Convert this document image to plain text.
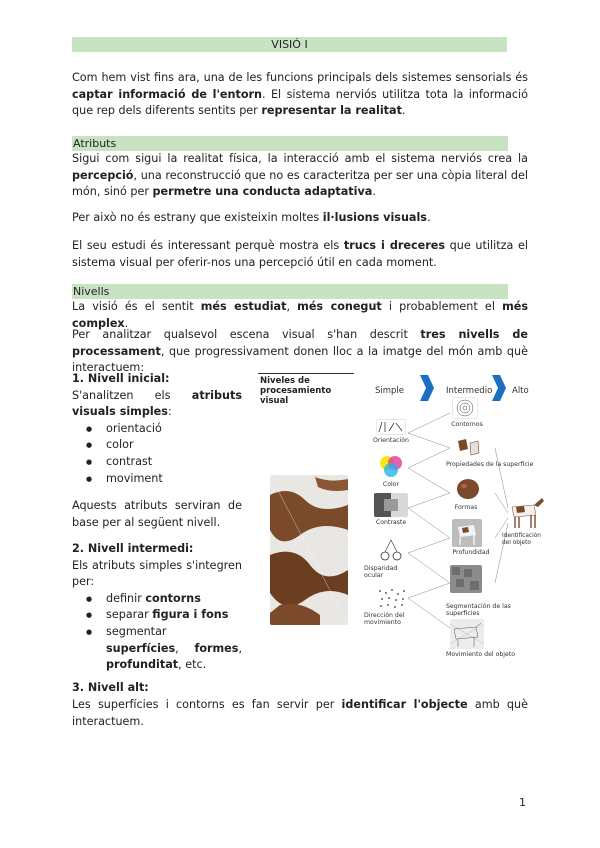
VISIÓ I

Com hem vist fins ara, una de les funcions principals dels sistemes sensorials és captar informació de l'entorn. El sistema nerviós utilitza tota la informació que rep dels diferents sentits per representar la realitat.

Atributs

Sigui com sigui la realitat física, la interacció amb el sistema nerviós crea la percepció, una reconstrucció que no es caracteritza per ser una còpia literal del món, sinó per permetre una conducta adaptativa.

Per això no és estrany que existeixin moltes il·lusions visuals.

El seu estudi és interessant perquè mostra els trucs i dreceres que utilitza el sistema visual per oferir-nos una percepció útil en cada moment.

Nivells

La visió és el sentit més estudiat, més conegut i probablement el més complex.

Per analitzar qualsevol escena visual s'han descrit tres nivells de processament, que progressivament donen lloc a la imatge del món amb què interactuem:

1. Nivell inicial:

S'analitzen els atributs visuals simples:

● orientació
● color
● contrast
● moviment

Aquests atributs serviran de base per al següent nivell.

2. Nivell intermedi:

Els atributs simples s'integren per:

● definir contorns
● separar figura i fons
● segmentar superfícies, formes, profunditat, etc.
3. Nivell alt:

Les superfícies i contorns es fan servir per identificar l'objecte amb què interactuem.

Niveles de procesamiento visual
Simple	Intermedio Alto
Orientación
Color
Contraste
Disparidad ocular
Dirección del movimiento
Contornos
Propiedades de la superficie
Formas
Profundidad
Segmentación de las superficies
Movimiento del objeto
Identificación del objeto
1
